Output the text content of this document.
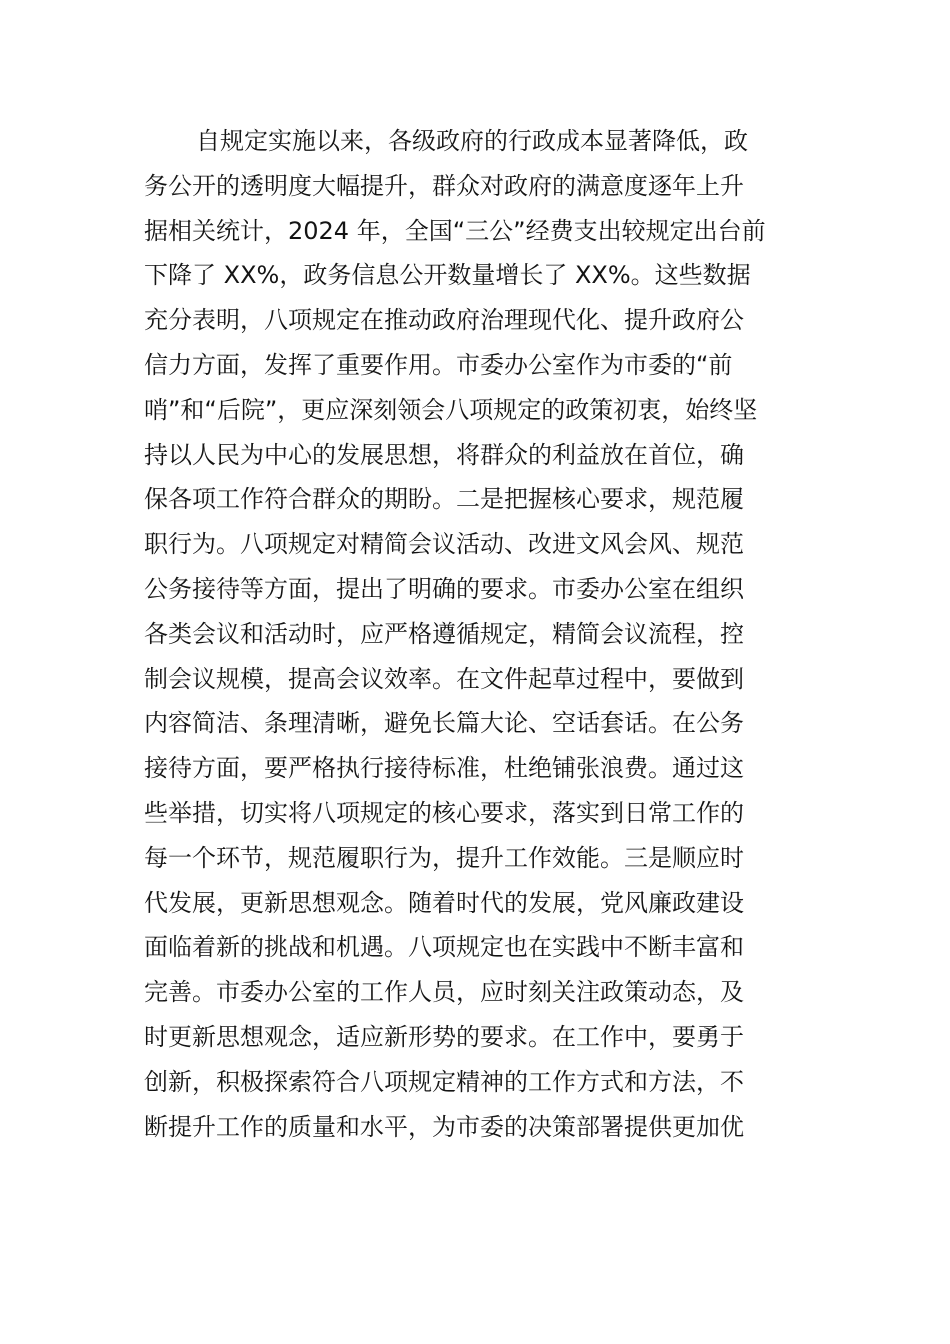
自规定实施以来，各级政府的行政成本显著降低，政
务公开的透明度大幅提升，群众对政府的满意度逐年上升
据相关统计，2024 年，全国“三公”经费支出较规定出台前
下降了 XX%，政务信息公开数量增长了 XX%。这些数据
充分表明，八项规定在推动政府治理现代化、提升政府公
信力方面，发挥了重要作用。市委办公室作为市委的“前
哨”和“后院”，更应深刻领会八项规定的政策初衷，始终坚
持以人民为中心的发展思想，将群众的利益放在首位，确
保各项工作符合群众的期盼。二是把握核心要求，规范履
职行为。八项规定对精简会议活动、改进文风会风、规范
公务接待等方面，提出了明确的要求。市委办公室在组织
各类会议和活动时，应严格遵循规定，精简会议流程，控
制会议规模，提高会议效率。在文件起草过程中，要做到
内容简洁、条理清晰，避免长篇大论、空话套话。在公务
接待方面，要严格执行接待标准，杜绝铺张浪费。通过这
些举措，切实将八项规定的核心要求，落实到日常工作的
每一个环节，规范履职行为，提升工作效能。三是顺应时
代发展，更新思想观念。随着时代的发展，党风廉政建设
面临着新的挑战和机遇。八项规定也在实践中不断丰富和
完善。市委办公室的工作人员，应时刻关注政策动态，及
时更新思想观念，适应新形势的要求。在工作中，要勇于
创新，积极探索符合八项规定精神的工作方式和方法，不
断提升工作的质量和水平，为市委的决策部署提供更加优
